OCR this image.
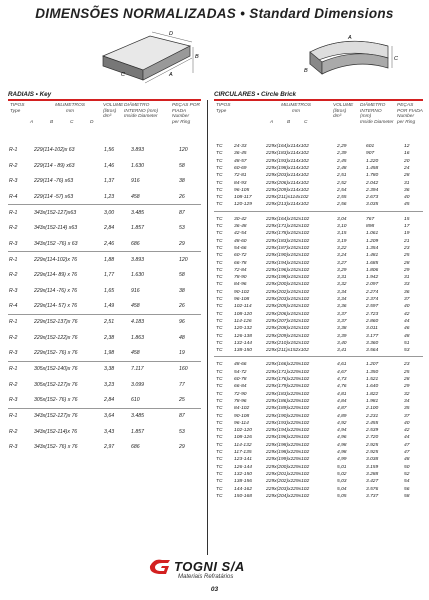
DIMENSÕES NORMALIZADAS • Standard Dimensions
D
B
A
C
A
B
C
RADIAIS • Key	CIRCULARES • Circle Brick
TIPOS
Type
MILIMETROS
mm
A	B	C	D
VOLUME
(litros)
dm³
DIÂMETRO
INTERNO (mm)
Inside Diameter
PEÇAS POR
FIADA
Number
per Ring
R-1	229(114-102)x 63	1,56	3.893	120
R-2	229(114 - 89) x63	1,46	1.630	58
R-3	229(114 -76) x63	1,37	916	38
R-4	229(114 -57) x63	1,23	458	26
R-1	343x(152-127)x63	3,00	3.485	87
R-2	343x(152-114) x63	2,84	1.857	53
R-3	343x(152 -76) x 63	2,46	686	29
R-1	229x(114-102)x 76	1,88	3.893	120
R-2	229x(114- 89) x 76	1,77	1.630	58
R-3	229x(114 -76) x 76	1,65	916	38
R-4	229x(114- 57) x 76	1,49	458	26
R-1	229x(152-137)x 76	2,51	4.183	96
R-2	229x(152-122)x 76	2,38	1.863	48
R-3	229x(152- 76) x 76	1,98	458	19
R-1	305x(152-140)x 76	3,38	7.117	160
R-2	305x(152-127)x 76	3,23	3.099	77
R-3	305x(152- 76) x 76	2,84	610	25
R-1	343x(152-127)x 76	3,64	3.485	87
R-2	343x(152-114)x 76	3,43	1.857	53
R-3	343x(152- 76) x 76	2,97	686	29
TIPOS
Type
MILIMETROS
mm
A	B	C
VOLUME
(litros)
dm³
DIÂMETRO
INTERNO
(mm)
Inside Diameter
PEÇAS
POR FIADA
Number
per Ring
TC 24-33	229x(164)x114x102	2,29	601	12
TC 36-45	229x(183)x114x102	2,39	907	16
TC 48-57	229x(193)x114x102	2,45	1.220	20
TC 60-69	229x(198)x114x102	2,48	1.458	24
TC 72-81	229x(203)x114x102	2,51	1.780	28
TC 84-93	229x(206)x114x102	2,52	2.042	31
TC 96-105	229x(209)x114x102	2,54	2.394	36
TC 108-117	229x(211)x114x102	2,55	2.673	40
TC 120-129	229x(213)x114x102	2,56	3.035	45
TC 30-42	229x(164)x152x102	3,04	767	15
TC 36-48	229x(171)x152x102	3,10	898	17
TC 42-54	229x(178)x152x102	3,15	1.061	19
TC 48-60	229x(183)x152x102	3,19	1.209	21
TC 54-66	229x(187)x152x102	3,22	1.354	23
TC 60-72	229x(190)x152x102	3,24	1.481	25
TC 66-78	229x(194)x152x102	3,27	1.685	28
TC 72-84	229x(196)x152x102	3,29	1.806	29
TC 78-90	229x(198)x152x102	3,31	1.942	31
TC 84-96	229x(200)x152x102	3,32	2.097	33
TC 90-102	229x(202)x152x102	3,34	2.274	36
TC 96-108	229x(203)x152x102	3,34	2.374	37
TC 102-114	229x(205)x152x102	3,36	2.597	40
TC 108-120	229x(206)x152x102	3,37	2.723	42
TC 114-126	229x(207)x152x102	3,37	2.860	44
TC 120-132	229x(208)x152x102	3,38	3.011	46
TC 126-138	229x(209)x152x102	3,39	3.177	48
TC 132-144	229x(210)x152x102	3,40	3.360	51
TC 138-150	229x(211)x152x102	3,41	3.564	53
TC 48-66	229x(166)x229x102	4,61	1.207	23
TC 54-72	229x(171)x229x102	4,67	1.350	25
TC 60-78	229x(176)x229x102	4,73	1.521	28
TC 66-84	229x(179)x229x102	4,76	1.640	29
TC 72-90	229x(183)x229x102	4,81	1.822	32
TC 78-96	229x(186)x229x102	4,84	1.981	34
TC 84-102	229x(189)x229x102	4,87	2.100	35
TC 90-108	229x(190)x229x102	4,89	2.231	37
TC 96-114	229x(193)x229x102	4,92	2.455	40
TC 102-120	229x(194)x229x102	4,94	2.539	42
TC 108-126	229x(196)x229x102	4,96	2.720	44
TC 114-132	229x(198)x229x102	4,98	2.925	47
TC 117-135	229x(198)x229x102	4,98	2.925	47
TC 123-141	229x(199)x229x102	4,99	3.038	48
TC 126-144	229x(200)x229x102	5,01	3.159	50
TC 132-150	229x(201)x229x102	5,02	3.288	52
TC 138-156	229x(202)x229x102	5,03	3.427	54
TC 144-162	229x(203)x229x102	5,04	3.576	56
TC 150-168	229x(204)x229x102	5,05	3.737	58
TOGNI S/A
Materiais Refratários
03
